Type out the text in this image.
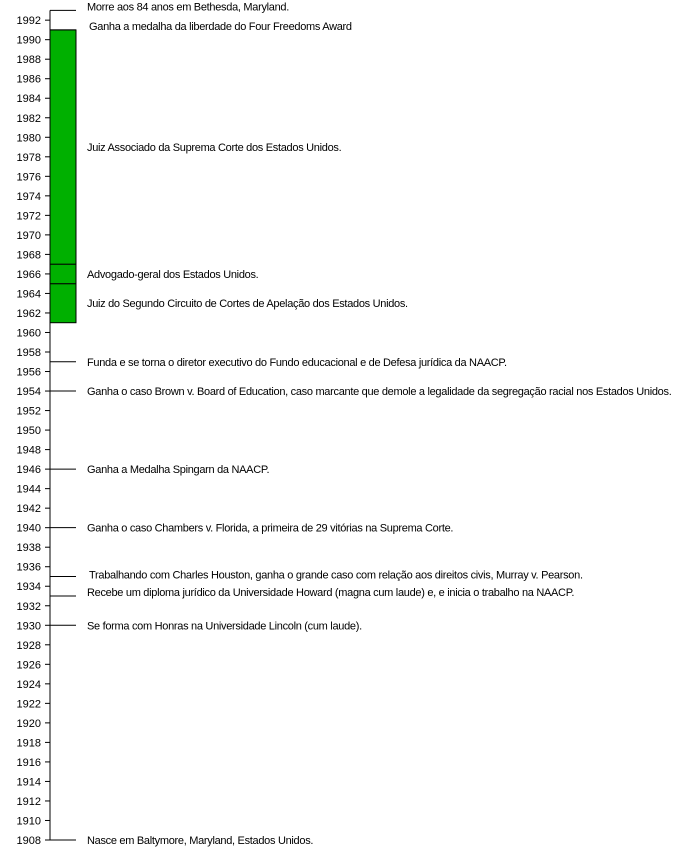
1908
1910
1912
1914
1916
1918
1920
1922
1924
1926
1928
1930
1932
1934
1936
1938
1940
1942
1944
1946
1948
1950
1952
1954
1956
1958
1960
1962
1964
1966
1968
1970
1972
1974
1976
1978
1980
1982
1984
1986
1988
1990
1992
Juiz do Segundo Circuito de Cortes de Apelação dos Estados Unidos.
Advogado-geral dos Estados Unidos.
Juiz Associado da Suprema Corte dos Estados Unidos.
Nasce em Baltymore, Maryland, Estados Unidos.
Se forma com Honras na Universidade Lincoln (cum laude).
Recebe um diploma jurídico da Universidade Howard (magna cum laude) e, e inicia o trabalho na NAACP.
Trabalhando com Charles Houston, ganha o grande caso com relação aos direitos civis, Murray v. Pearson.
Ganha o caso Chambers v. Florida, a primeira de 29 vitórias na Suprema Corte.
Ganha a Medalha Spingarn da NAACP.
Ganha o caso Brown v. Board of Education, caso marcante que demole a legalidade da segregação racial nos Estados Unidos.
Funda e se torna o diretor executivo do Fundo educacional e de Defesa jurídica da NAACP.
Ganha a medalha da liberdade do Four Freedoms Award
Morre aos 84 anos em Bethesda, Maryland.
